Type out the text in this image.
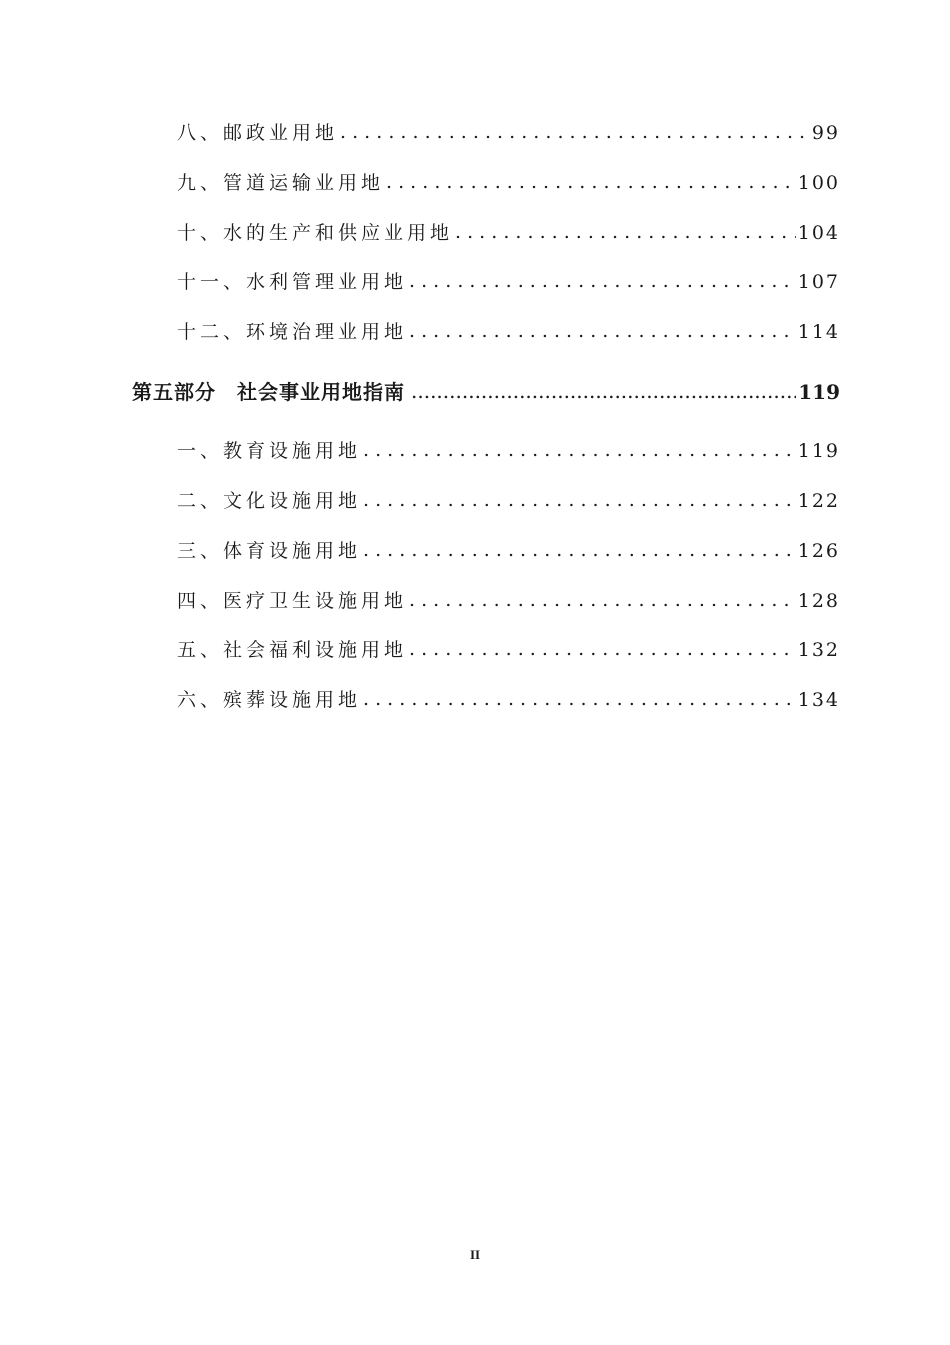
八、邮政业用地 . . .	99
九、管道运输业用地 . . .	100
十、水的生产和供应业用地 . . .	104
十一、水利管理业用地 . . .	107
十二、环境治理业用地 . . .	114
第五部分　社会事业用地指南 .....	119
一、教育设施用地 . . .	119
二、文化设施用地 . . .	122
三、体育设施用地 . . .	126
四、医疗卫生设施用地 . . .	128
五、社会福利设施用地 . . .	132
六、殡葬设施用地 . . .	134
II
